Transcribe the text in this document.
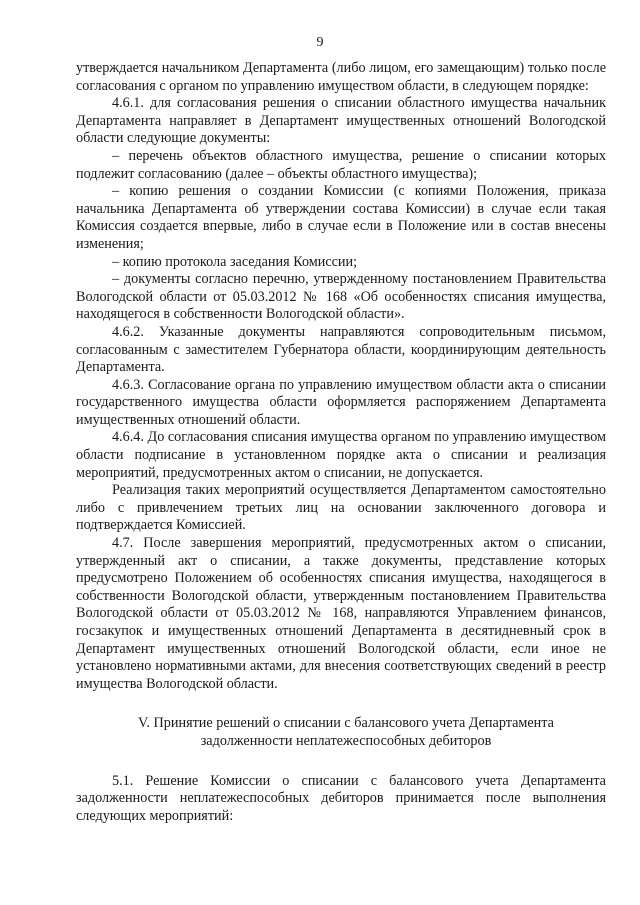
9

утверждается начальником Департамента (либо лицом, его замещающим) только после согласования с органом по управлению имуществом области, в следующем порядке:

4.6.1. для согласования решения о списании областного имущества начальник Департамента направляет в Департамент имущественных отношений Вологодской области следующие документы:

– перечень объектов областного имущества, решение о списании которых подлежит согласованию (далее – объекты областного имущества);

– копию решения о создании Комиссии (с копиями Положения, приказа начальника Департамента об утверждении состава Комиссии) в случае если такая Комиссия создается впервые, либо в случае если в Положение или в состав внесены изменения;

– копию протокола заседания Комиссии;

– документы согласно перечню, утвержденному постановлением Правительства Вологодской области от 05.03.2012 № 168 «Об особенностях списания имущества, находящегося в собственности Вологодской области».

4.6.2. Указанные документы направляются сопроводительным письмом, согласованным с заместителем Губернатора области, координирующим деятельность Департамента.

4.6.3. Согласование органа по управлению имуществом области акта о списании государственного имущества области оформляется распоряжением Департамента имущественных отношений области.

4.6.4. До согласования списания имущества органом по управлению имуществом области подписание в установленном порядке акта о списании и реализация мероприятий, предусмотренных актом о списании, не допускается.

Реализация таких мероприятий осуществляется Департаментом самостоятельно либо с привлечением третьих лиц на основании заключенного договора и подтверждается Комиссией.

4.7. После завершения мероприятий, предусмотренных актом о списании, утвержденный акт о списании, а также документы, представление которых предусмотрено Положением об особенностях списания имущества, находящегося в собственности Вологодской области, утвержденным постановлением Правительства Вологодской области от 05.03.2012 № 168, направляются Управлением финансов, госзакупок и имущественных отношений Департамента в десятидневный срок в Департамент имущественных отношений Вологодской области, если иное не установлено нормативными актами, для внесения соответствующих сведений в реестр имущества Вологодской области.

V. Принятие решений о списании с балансового учета Департамента задолженности неплатежеспособных дебиторов

5.1. Решение Комиссии о списании с балансового учета Департамента задолженности неплатежеспособных дебиторов принимается после выполнения следующих мероприятий:
